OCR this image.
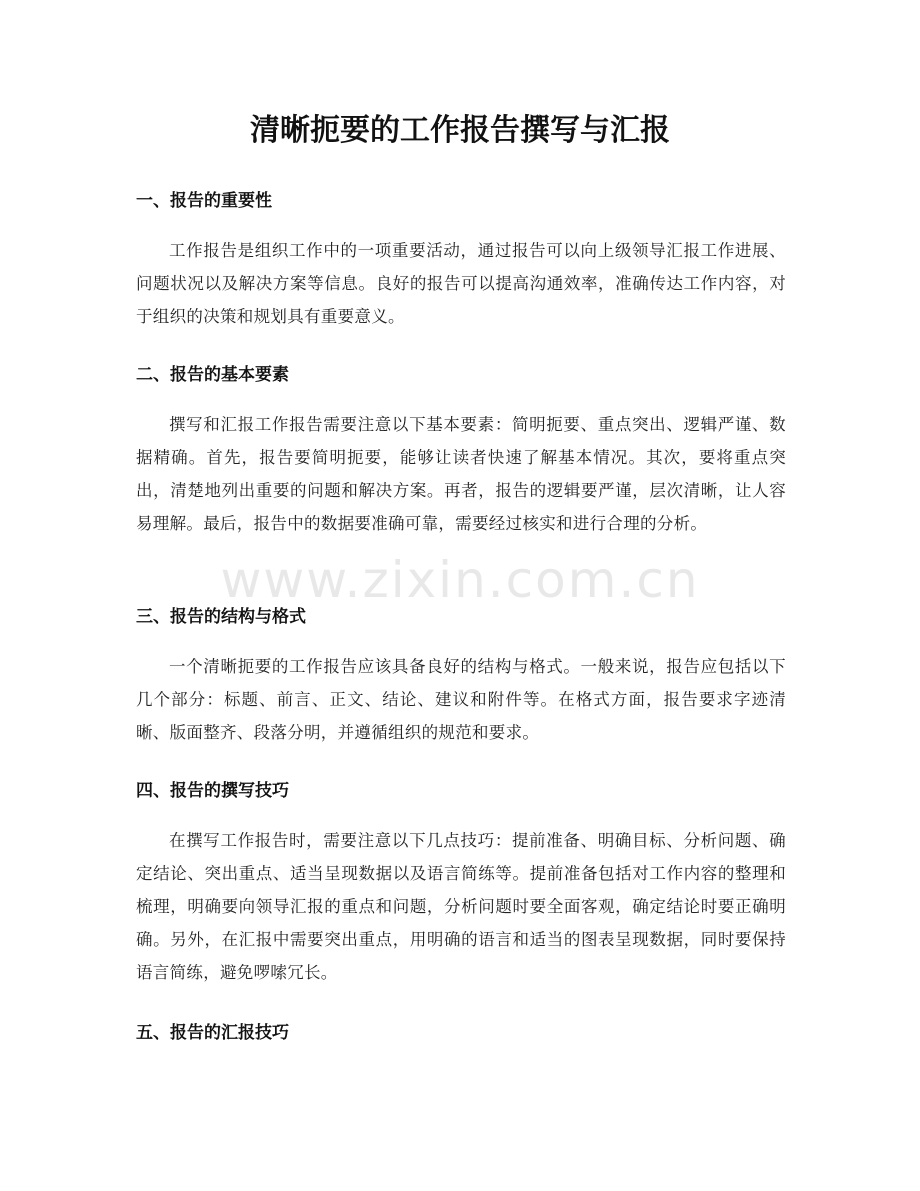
清晰扼要的工作报告撰写与汇报
一、报告的重要性

工作报告是组织工作中的一项重要活动，通过报告可以向上级领导汇报工作进展、问题状况以及解决方案等信息。良好的报告可以提高沟通效率，准确传达工作内容，对于组织的决策和规划具有重要意义。

二、报告的基本要素

撰写和汇报工作报告需要注意以下基本要素：简明扼要、重点突出、逻辑严谨、数据精确。首先，报告要简明扼要，能够让读者快速了解基本情况。其次，要将重点突出，清楚地列出重要的问题和解决方案。再者，报告的逻辑要严谨，层次清晰，让人容易理解。最后，报告中的数据要准确可靠，需要经过核实和进行合理的分析。

三、报告的结构与格式

一个清晰扼要的工作报告应该具备良好的结构与格式。一般来说，报告应包括以下几个部分：标题、前言、正文、结论、建议和附件等。在格式方面，报告要求字迹清晰、版面整齐、段落分明，并遵循组织的规范和要求。

四、报告的撰写技巧

在撰写工作报告时，需要注意以下几点技巧：提前准备、明确目标、分析问题、确定结论、突出重点、适当呈现数据以及语言简练等。提前准备包括对工作内容的整理和梳理，明确要向领导汇报的重点和问题，分析问题时要全面客观，确定结论时要正确明确。另外，在汇报中需要突出重点，用明确的语言和适当的图表呈现数据，同时要保持语言简练，避免啰嗦冗长。

五、报告的汇报技巧
www.zixin.com.cn
